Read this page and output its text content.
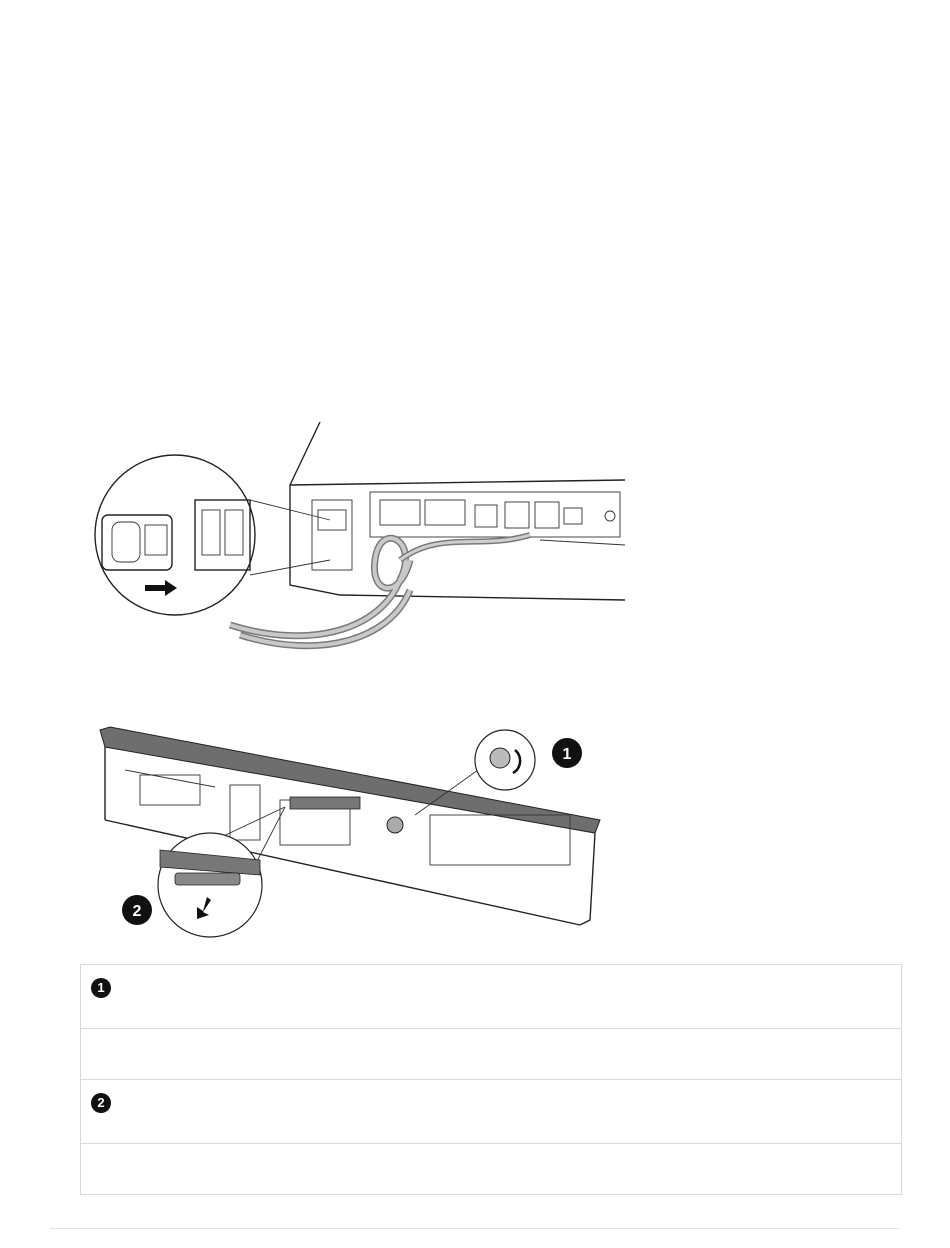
1
2
1

2
